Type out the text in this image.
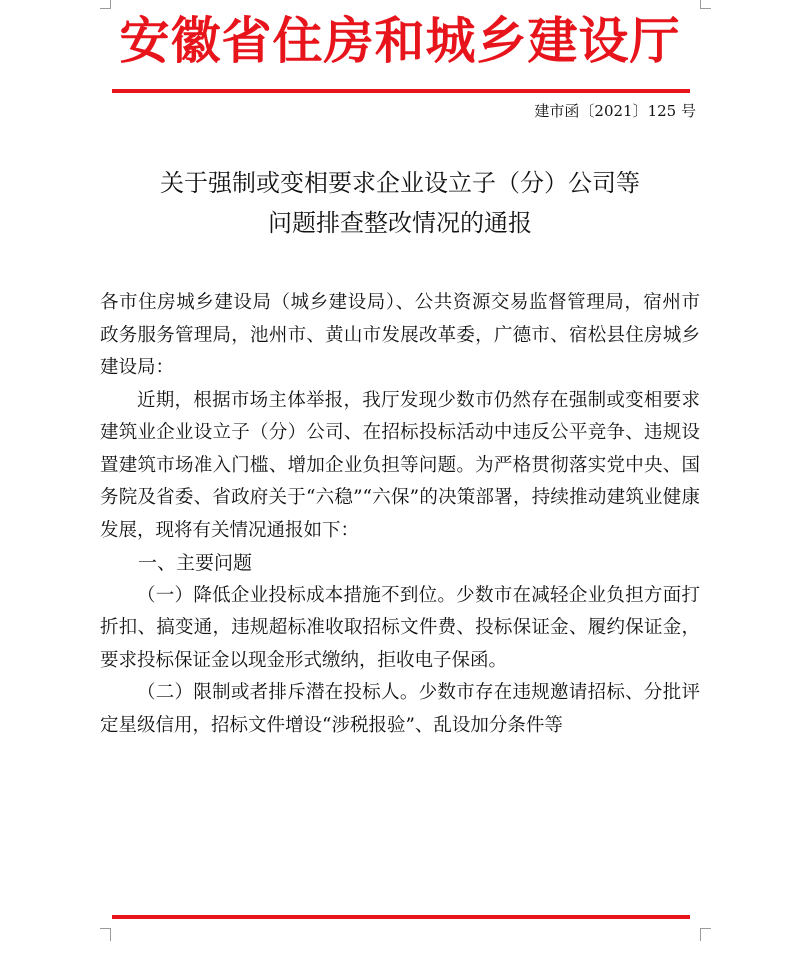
安徽省住房和城乡建设厅
建市函〔2021〕125 号
关于强制或变相要求企业设立子（分）公司等
问题排查整改情况的通报

各市住房城乡建设局（城乡建设局）、公共资源交易监督管理局，宿州市政务服务管理局，池州市、黄山市发展改革委，广德市、宿松县住房城乡建设局：

近期，根据市场主体举报，我厅发现少数市仍然存在强制或变相要求建筑业企业设立子（分）公司、在招标投标活动中违反公平竞争、违规设置建筑市场准入门槛、增加企业负担等问题。为严格贯彻落实党中央、国务院及省委、省政府关于“六稳”“六保”的决策部署，持续推动建筑业健康发展，现将有关情况通报如下：

一、主要问题

（一）降低企业投标成本措施不到位。少数市在减轻企业负担方面打折扣、搞变通，违规超标准收取招标文件费、投标保证金、履约保证金，要求投标保证金以现金形式缴纳，拒收电子保函。

（二）限制或者排斥潜在投标人。少数市存在违规邀请招标、分批评定星级信用，招标文件增设“涉税报验”、乱设加分条件等
